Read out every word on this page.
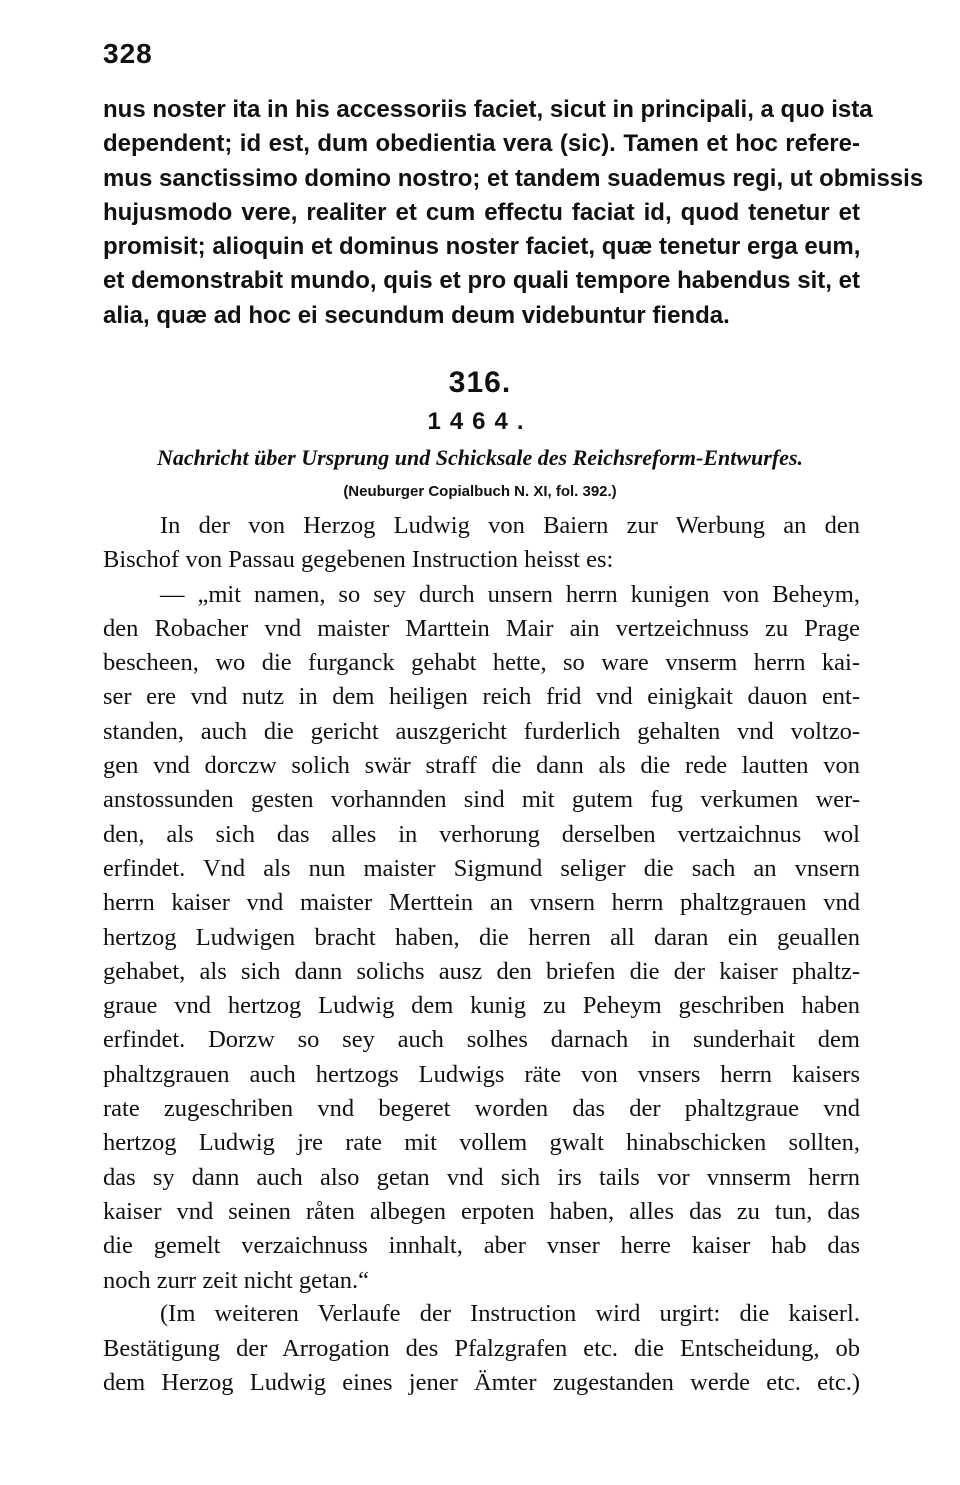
328
nus noster ita in his accessoriis faciet, sicut in principali, a quo ista
dependent; id est, dum obedientia vera (sic). Tamen et hoc refere-
mus sanctissimo domino nostro; et tandem suademus regi, ut obmissis
hujusmodo vere, realiter et cum effectu faciat id, quod tenetur et
promisit; alioquin et dominus noster faciet, quæ tenetur erga eum,
et demonstrabit mundo, quis et pro quali tempore habendus sit, et
alia, quæ ad hoc ei secundum deum videbuntur fienda.
316.
1464.
Nachricht über Ursprung und Schicksale des Reichsreform-Entwurfes.
(Neuburger Copialbuch N. XI, fol. 392.)
In der von Herzog Ludwig von Baiern zur Werbung an den
Bischof von Passau gegebenen Instruction heisst es:
— „mit namen, so sey durch unsern herrn kunigen von Beheym,
den Robacher vnd maister Marttein Mair ain vertzeichnuss zu Prage
bescheen, wo die furganck gehabt hette, so ware vnserm herrn kai-
ser ere vnd nutz in dem heiligen reich frid vnd einigkait dauon ent-
standen, auch die gericht auszgericht furderlich gehalten vnd voltzo-
gen vnd dorczw solich swär straff die dann als die rede lautten von
anstossunden gesten vorhannden sind mit gutem fug verkumen wer-
den, als sich das alles in verhorung derselben vertzaichnus wol
erfindet. Vnd als nun maister Sigmund seliger die sach an vnsern
herrn kaiser vnd maister Merttein an vnsern herrn phaltzgrauen vnd
hertzog Ludwigen bracht haben, die herren all daran ein geuallen
gehabet, als sich dann solichs ausz den briefen die der kaiser phaltz-
graue vnd hertzog Ludwig dem kunig zu Peheym geschriben haben
erfindet. Dorzw so sey auch solhes darnach in sunderhait dem
phaltzgrauen auch hertzogs Ludwigs räte von vnsers herrn kaisers
rate zugeschriben vnd begeret worden das der phaltzgraue vnd
hertzog Ludwig jre rate mit vollem gwalt hinabschicken sollten,
das sy dann auch also getan vnd sich irs tails vor vnnserm herrn
kaiser vnd seinen råten albegen erpoten haben, alles das zu tun, das
die gemelt verzaichnuss innhalt, aber vnser herre kaiser hab das
noch zurr zeit nicht getan.“
(Im weiteren Verlaufe der Instruction wird urgirt: die kaiserl.
Bestätigung der Arrogation des Pfalzgrafen etc. die Entscheidung, ob
dem Herzog Ludwig eines jener Ämter zugestanden werde etc. etc.)
